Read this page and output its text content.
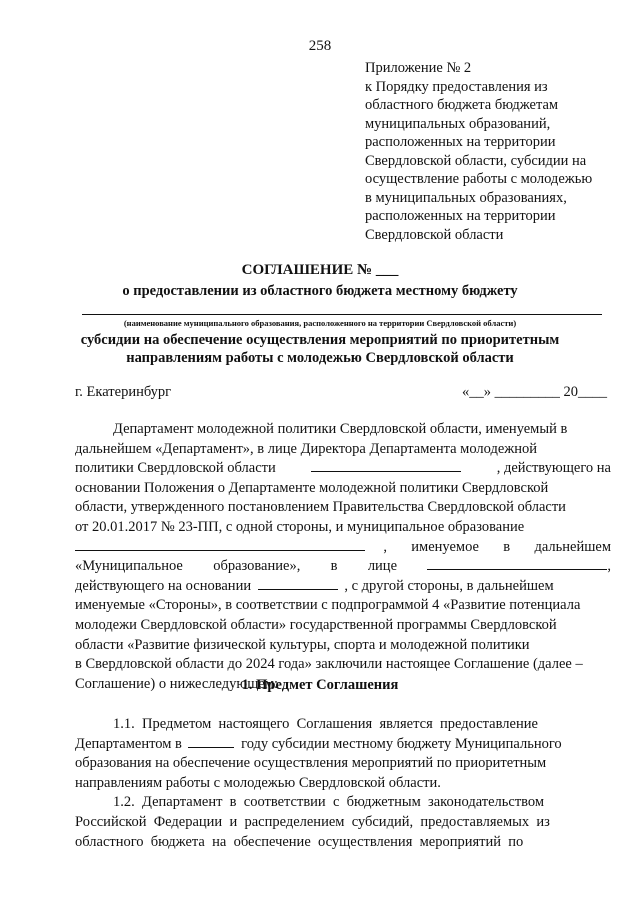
258
Приложение № 2
к Порядку предоставления из
областного бюджета бюджетам
муниципальных образований,
расположенных на территории
Свердловской области, субсидии на
осуществление работы с молодежью
в муниципальных образованиях,
расположенных на территории
Свердловской области
СОГЛАШЕНИЕ № ___
о предоставлении из областного бюджета местному бюджету
(наименование муниципального образования, расположенного на территории Свердловской области)
субсидии на обеспечение осуществления мероприятий по приоритетным
направлениям работы с молодежью Свердловской области
г. Екатеринбург	«__» _________ 20____
Департамент молодежной политики Свердловской области, именуемый в
дальнейшем «Департамент», в лице Директора Департамента молодежной
политики Свердловской области	, действующего на
основании Положения о Департаменте молодежной политики Свердловской
области, утвержденного постановлением Правительства Свердловской области
от 20.01.2017 № 23-ПП, с одной стороны, и муниципальное образование
, именуемое в дальнейшем
«Муниципальное образование», в лице	,
действующего на основании	, с другой стороны, в дальнейшем
именуемые «Стороны», в соответствии с подпрограммой 4 «Развитие потенциала
молодежи Свердловской области» государственной программы Свердловской
области «Развитие физической культуры, спорта и молодежной политики
в Свердловской области до 2024 года» заключили настоящее Соглашение (далее –
Соглашение) о нижеследующем:
1. Предмет Соглашения
1.1.  Предметом  настоящего  Соглашения  является  предоставление
Департаментом в	году субсидии местному бюджету Муниципального
образования на обеспечение осуществления мероприятий по приоритетным
направлениям работы с молодежью Свердловской области.
1.2.  Департамент  в  соответствии  с  бюджетным  законодательством
Российской  Федерации  и  распределением  субсидий,  предоставляемых  из
областного  бюджета  на  обеспечение  осуществления  мероприятий  по
